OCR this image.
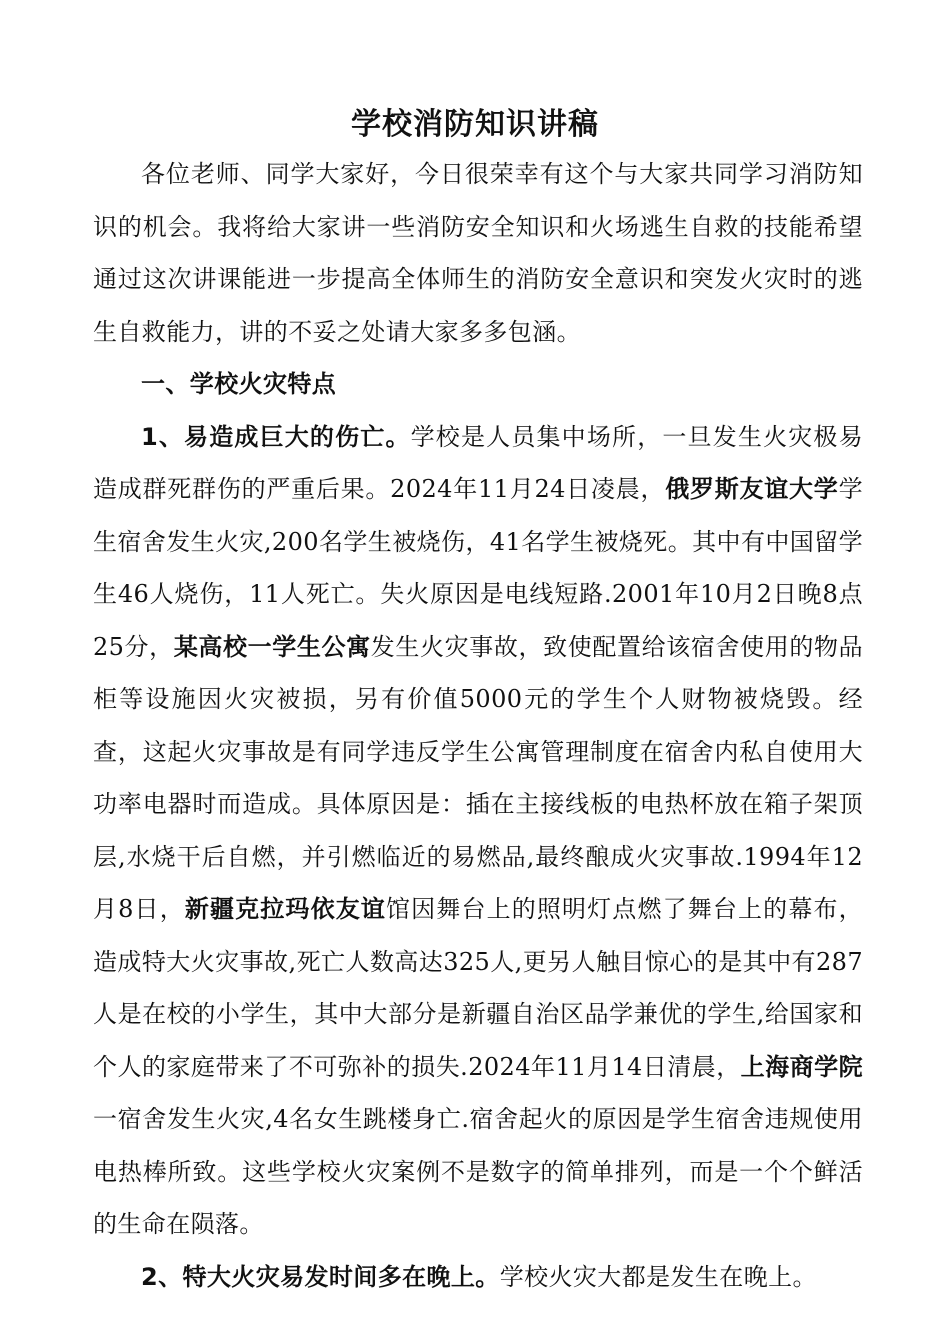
学校消防知识讲稿

各位老师、同学大家好，今日很荣幸有这个与大家共同学习消防知识的机会。我将给大家讲一些消防安全知识和火场逃生自救的技能希望通过这次讲课能进一步提高全体师生的消防安全意识和突发火灾时的逃生自救能力，讲的不妥之处请大家多多包涵。

一、学校火灾特点

1、易造成巨大的伤亡。学校是人员集中场所，一旦发生火灾极易造成群死群伤的严重后果。2024年11月24日凌晨，俄罗斯友谊大学学生宿舍发生火灾,200名学生被烧伤，41名学生被烧死。其中有中国留学生46人烧伤，11人死亡。失火原因是电线短路.2001年10月2日晚8点25分，某高校一学生公寓发生火灾事故，致使配置给该宿舍使用的物品柜等设施因火灾被损，另有价值5000元的学生个人财物被烧毁。经查，这起火灾事故是有同学违反学生公寓管理制度在宿舍内私自使用大功率电器时而造成。具体原因是：插在主接线板的电热杯放在箱子架顶层,水烧干后自燃，并引燃临近的易燃品,最终酿成火灾事故.1994年12月8日，新疆克拉玛依友谊馆因舞台上的照明灯点燃了舞台上的幕布，造成特大火灾事故,死亡人数高达325人,更另人触目惊心的是其中有287人是在校的小学生，其中大部分是新疆自治区品学兼优的学生,给国家和个人的家庭带来了不可弥补的损失.2024年11月14日清晨，上海商学院一宿舍发生火灾,4名女生跳楼身亡.宿舍起火的原因是学生宿舍违规使用电热棒所致。这些学校火灾案例不是数字的简单排列，而是一个个鲜活的生命在陨落。

2、特大火灾易发时间多在晚上。学校火灾大都是发生在晚上。
